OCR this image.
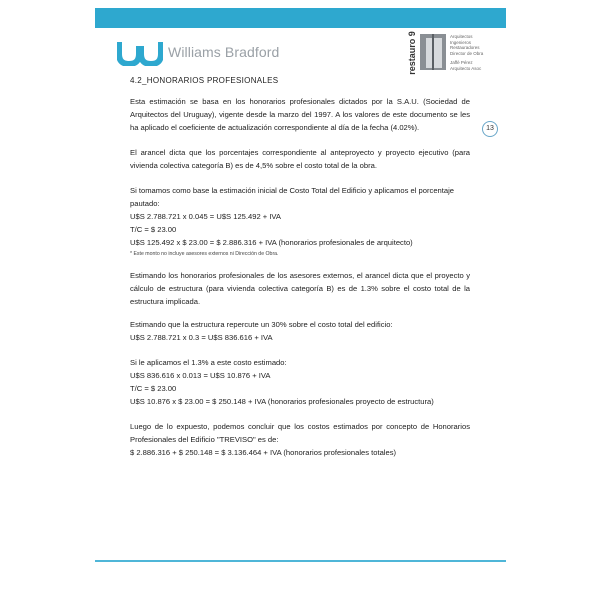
Williams Bradford	restauro 9	Arquitectos
Ingenieros
Restauradores
Director de Obra
Jaffé Pérez
Arquitecto Asoc
13

4.2_HONORARIOS PROFESIONALES

Esta estimación se basa en los honorarios profesionales dictados por la S.A.U. (Sociedad de Arquitectos del Uruguay), vigente desde la marzo del 1997. A los valores de este documento se les ha aplicado el coeficiente de actualización correspondiente al día de la fecha (4.02%).

El arancel dicta que los porcentajes correspondiente al anteproyecto y proyecto ejecutivo (para vivienda colectiva categoría B) es de 4,5% sobre el costo total de la obra.

Si tomamos como base la estimación inicial de Costo Total del Edificio y aplicamos el porcentaje pautado:

U$S 2.788.721 x 0.045 = U$S 125.492 + IVA

T/C = $ 23.00

U$S 125.492 x $ 23.00 = $ 2.886.316 + IVA (honorarios profesionales de arquitecto)

* Este monto no incluye asesores externos ni Dirección de Obra.

Estimando los honorarios profesionales de los asesores externos, el arancel dicta que el proyecto y cálculo de estructura (para vivienda colectiva categoría B) es de 1.3% sobre el costo total de la estructura implicada.

Estimando que la estructura repercute un 30% sobre el costo total del edificio:

U$S 2.788.721 x 0.3 = U$S 836.616 + IVA

Si le aplicamos el 1.3% a este costo estimado:

U$S 836.616 x 0.013 = U$S 10.876 + IVA

T/C = $ 23.00

U$S 10.876 x $ 23.00 = $ 250.148 + IVA (honorarios profesionales proyecto de estructura)

Luego de lo expuesto, podemos concluir que los costos estimados por concepto de Honorarios Profesionales del Edificio "TREVISO" es de:

$ 2.886.316 + $ 250.148 = $ 3.136.464 + IVA (honorarios profesionales totales)
